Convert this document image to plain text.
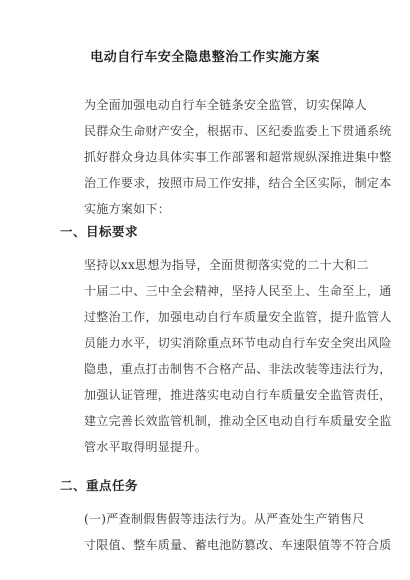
电动自行车安全隐患整治工作实施方案

为全面加强电动自行车全链条安全监管，切实保障人
民群众生命财产安全，根据市、区纪委监委上下贯通系统
抓好群众身边具体实事工作部署和超常规纵深推进集中整
治工作要求，按照市局工作安排，结合全区实际，制定本
实施方案如下：

一、目标要求

坚持以xx思想为指导，全面贯彻落实党的二十大和二
十届二中、三中全会精神，坚持人民至上、生命至上，通
过整治工作，加强电动自行车质量安全监管，提升监管人
员能力水平，切实消除重点环节电动自行车安全突出风险
隐患，重点打击制售不合格产品、非法改装等违法行为，
加强认证管理，推进落实电动自行车质量安全监管责任，
建立完善长效监管机制，推动全区电动自行车质量安全监
管水平取得明显提升。

二、重点任务

(一)严查制假售假等违法行为。从严查处生产销售尺
寸限值、整车质量、蓄电池防篡改、车速限值等不符合质
